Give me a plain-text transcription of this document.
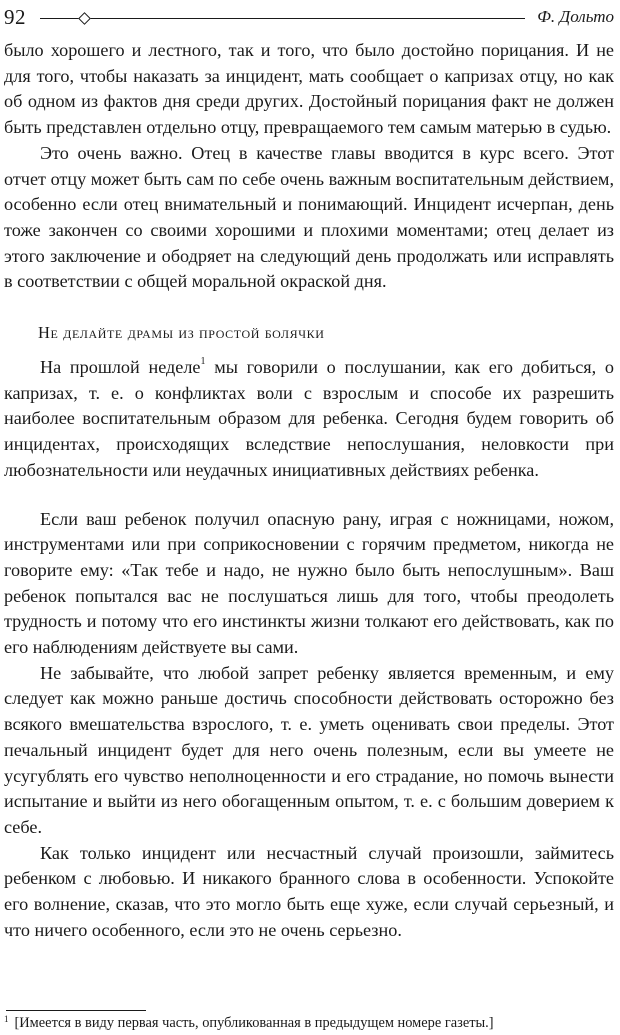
92	Ф. Дольто

было хорошего и лестного, так и того, что было достойно порицания. И не для того, чтобы наказать за инцидент, мать сообщает о капризах отцу, но как об одном из фактов дня среди других. Достойный порицания факт не должен быть представлен отдельно отцу, превращаемого тем самым матерью в судью.

Это очень важно. Отец в качестве главы вводится в курс всего. Этот отчет отцу может быть сам по себе очень важным воспитательным действием, особенно если отец внимательный и понимающий. Инцидент исчерпан, день тоже закончен со своими хорошими и плохими моментами; отец делает из этого заключение и ободряет на следующий день продолжать или исправлять в соответствии с общей моральной окраской дня.

Не делайте драмы из простой болячки

На прошлой неделе$^1$ мы говорили о послушании, как его добиться, о капризах, т. е. о конфликтах воли с взрослым и способе их разрешить наиболее воспитательным образом для ребенка. Сегодня будем говорить об инцидентах, происходящих вследствие непослушания, неловкости при любознательности или неудачных инициативных действиях ребенка.

Если ваш ребенок получил опасную рану, играя с ножницами, ножом, инструментами или при соприкосновении с горячим предметом, никогда не говорите ему: «Так тебе и надо, не нужно было быть непослушным». Ваш ребенок попытался вас не послушаться лишь для того, чтобы преодолеть трудность и потому что его инстинкты жизни толкают его действовать, как по его наблюдениям действуете вы сами.

Не забывайте, что любой запрет ребенку является временным, и ему следует как можно раньше достичь способности действовать осторожно без всякого вмешательства взрослого, т. е. уметь оценивать свои пределы. Этот печальный инцидент будет для него очень полезным, если вы умеете не усугублять его чувство неполноценности и его страдание, но помочь вынести испытание и выйти из него обогащенным опытом, т. е. с большим доверием к себе.

Как только инцидент или несчастный случай произошли, займитесь ребенком с любовью. И никакого бранного слова в особенности. Успокойте его волнение, сказав, что это могло быть еще хуже, если случай серьезный, и что ничего особенного, если это не очень серьезно.

$^1$ [Имеется в виду первая часть, опубликованная в предыдущем номере газеты.]
